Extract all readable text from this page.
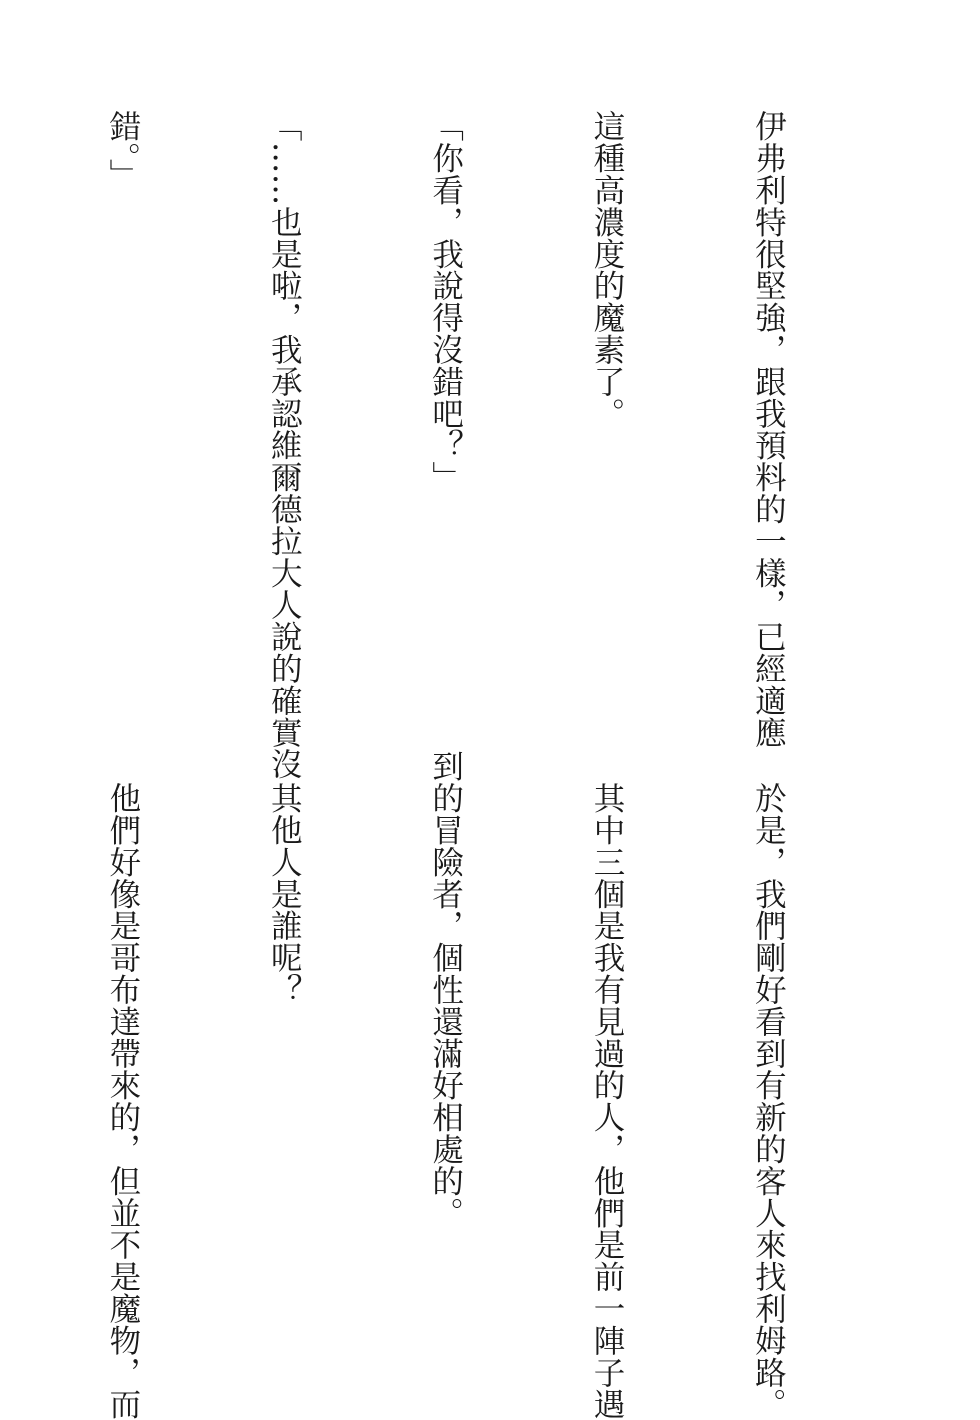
伊弗利特很堅強，跟我預料的一樣，已經適應

這種高濃度的魔素了。

「你看，我說得沒錯吧？」

「……也是啦，我承認維爾德拉大人說的確實沒

錯。」

　於是，我們剛好看到有新的客人來找利姆路。

　其中三個是我有見過的人，他們是前一陣子遇

到的冒險者，個性還滿好相處的。

　其他人是誰呢？

　他們好像是哥布達帶來的，但並不是魔物，而
